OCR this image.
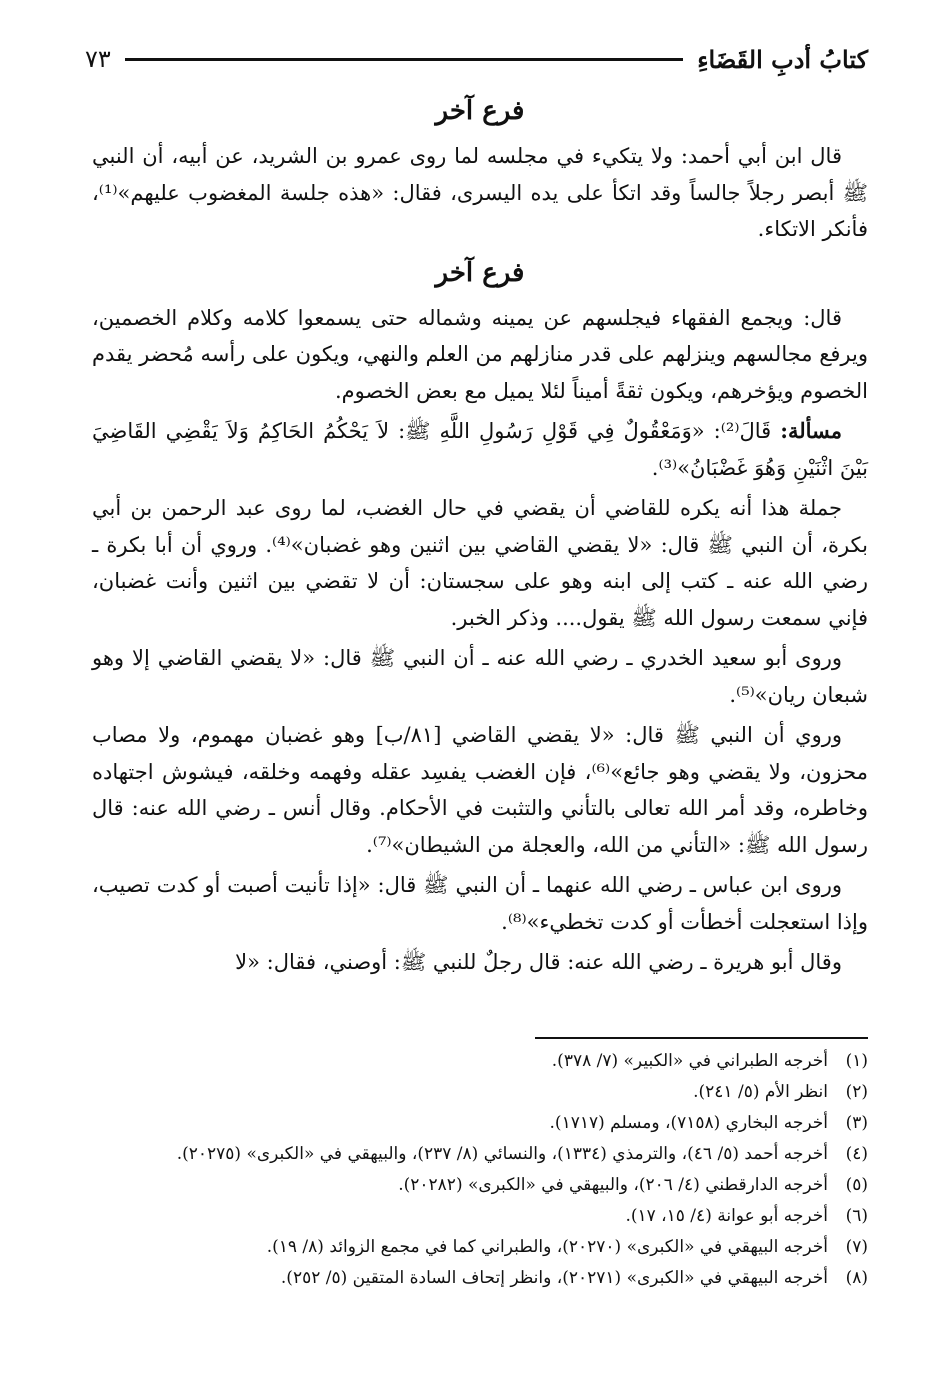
كتابُ أدبِ القَضَاءِ
٧٣
فرع آخر

قال ابن أبي أحمد: ولا يتكيء في مجلسه لما روى عمرو بن الشريد، عن أبيه، أن النبي ﷺ أبصر رجلاً جالساً وقد اتكأ على يده اليسرى، فقال: «هذه جلسة المغضوب عليهم»⁽¹⁾، فأنكر الاتكاء.

فرع آخر

قال: ويجمع الفقهاء فيجلسهم عن يمينه وشماله حتى يسمعوا كلامه وكلام الخصمين، ويرفع مجالسهم وينزلهم على قدر منازلهم من العلم والنهي، ويكون على رأسه مُحضر يقدم الخصوم ويؤخرهم، ويكون ثقةً أميناً لئلا يميل مع بعض الخصوم.

مسألة: قَالَ⁽²⁾: «وَمَعْقُولٌ فِي قَوْلِ رَسُولِ اللَّهِ ﷺ: لاَ يَحْكُمُ الحَاكِمُ وَلاَ يَقْضِي القَاضِيَ بَيْنَ اثْنَيْنِ وَهُوَ غَضْبَانُ»⁽³⁾.

جملة هذا أنه يكره للقاضي أن يقضي في حال الغضب، لما روى عبد الرحمن بن أبي بكرة، أن النبي ﷺ قال: «لا يقضي القاضي بين اثنين وهو غضبان»⁽⁴⁾. وروي أن أبا بكرة ـ رضي الله عنه ـ كتب إلى ابنه وهو على سجستان: أن لا تقضي بين اثنين وأنت غضبان، فإني سمعت رسول الله ﷺ يقول.... وذكر الخبر.

وروى أبو سعيد الخدري ـ رضي الله عنه ـ أن النبي ﷺ قال: «لا يقضي القاضي إلا وهو شبعان ريان»⁽⁵⁾.

وروي أن النبي ﷺ قال: «لا يقضي القاضي [٨١/ب] وهو غضبان مهموم، ولا مصاب محزون، ولا يقضي وهو جائع»⁽⁶⁾، فإن الغضب يفسِد عقله وفهمه وخلقه، فيشوش اجتهاده وخاطره، وقد أمر الله تعالى بالتأني والتثبت في الأحكام. وقال أنس ـ رضي الله عنه: قال رسول الله ﷺ: «التأني من الله، والعجلة من الشيطان»⁽⁷⁾.

وروى ابن عباس ـ رضي الله عنهما ـ أن النبي ﷺ قال: «إذا تأنيت أصبت أو كدت تصيب، وإذا استعجلت أخطأت أو كدت تخطيء»⁽⁸⁾.

وقال أبو هريرة ـ رضي الله عنه: قال رجلٌ للنبي ﷺ: أوصني، فقال: «لا

(١)
أخرجه الطبراني في «الكبير» (٧/ ٣٧٨).
(٢)
انظر الأم (٥/ ٢٤١).
(٣)
أخرجه البخاري (٧١٥٨)، ومسلم (١٧١٧).
(٤)
أخرجه أحمد (٥/ ٤٦)، والترمذي (١٣٣٤)، والنسائي (٨/ ٢٣٧)، والبيهقي في «الكبرى» (٢٠٢٧٥).
(٥)
أخرجه الدارقطني (٤/ ٢٠٦)، والبيهقي في «الكبرى» (٢٠٢٨٢).
(٦)
أخرجه أبو عوانة (٤/ ١٥، ١٧).
(٧)
أخرجه البيهقي في «الكبرى» (٢٠٢٧٠)، والطبراني كما في مجمع الزوائد (٨/ ١٩).
(٨)
أخرجه البيهقي في «الكبرى» (٢٠٢٧١)، وانظر إتحاف السادة المتقين (٥/ ٢٥٢).
